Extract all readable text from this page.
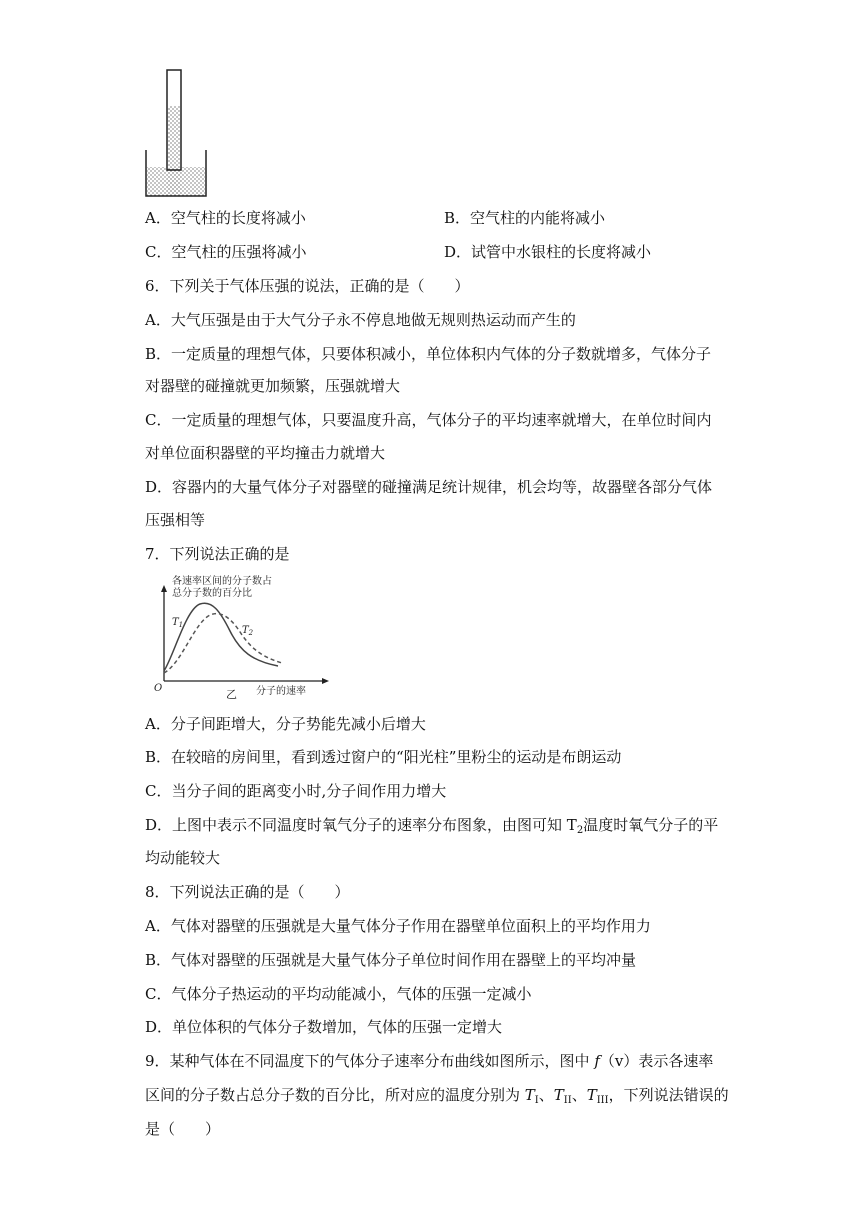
A．空气柱的长度将减小	B．空气柱的内能将减小
C．空气柱的压强将减小	D．试管中水银柱的长度将减小
6．下列关于气体压强的说法，正确的是（　　）
A．大气压强是由于大气分子永不停息地做无规则热运动而产生的
B．一定质量的理想气体，只要体积减小，单位体积内气体的分子数就增多，气体分子
对器壁的碰撞就更加频繁，压强就增大
C．一定质量的理想气体，只要温度升高，气体分子的平均速率就增大，在单位时间内
对单位面积器壁的平均撞击力就增大
D．容器内的大量气体分子对器壁的碰撞满足统计规律，机会均等，故器壁各部分气体
压强相等
7．下列说法正确的是
各速率区间的分子数占
总分子数的百分比
$T_1$	$T_2$
O	分子的速率
乙
A．分子间距增大，分子势能先减小后增大
B．在较暗的房间里，看到透过窗户的“阳光柱”里粉尘的运动是布朗运动
C．当分子间的距离变小时,分子间作用力增大
D．上图中表示不同温度时氧气分子的速率分布图象，由图可知 $T_2$温度时氧气分子的平
均动能较大
8．下列说法正确的是（　　）
A．气体对器壁的压强就是大量气体分子作用在器壁单位面积上的平均作用力
B．气体对器壁的压强就是大量气体分子单位时间作用在器壁上的平均冲量
C．气体分子热运动的平均动能减小，气体的压强一定减小
D．单位体积的气体分子数增加，气体的压强一定增大
9．某种气体在不同温度下的气体分子速率分布曲线如图所示，图中 f（v）表示各速率
区间的分子数占总分子数的百分比，所对应的温度分别为 $T_I$、$T_{II}$、$T_{III}$，下列说法错误的
是（　　）
